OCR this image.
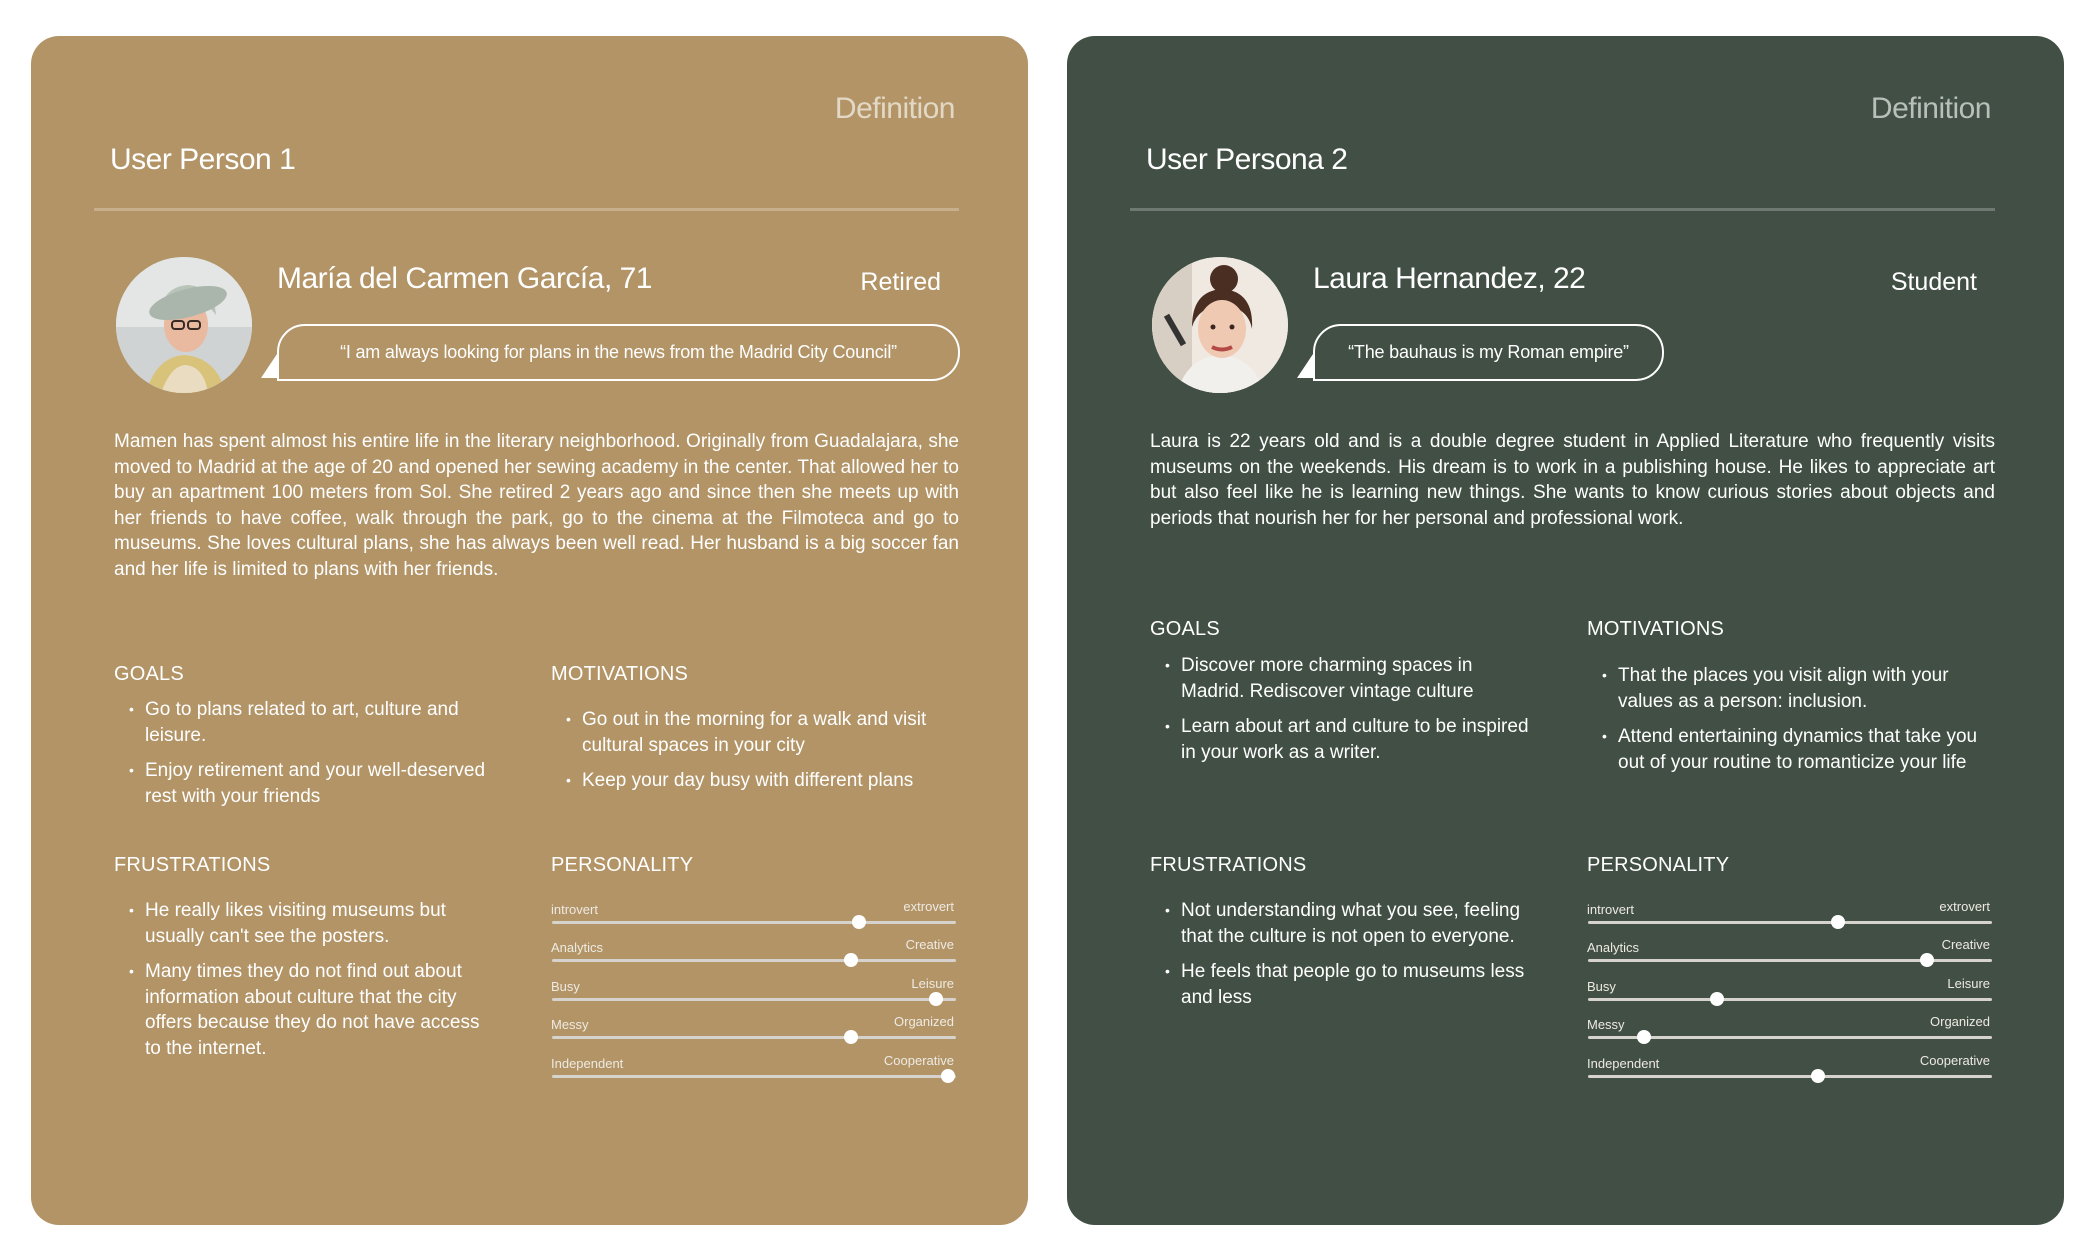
Definition
User Person 1
María del Carmen García, 71	Retired
“I am always looking for plans in the news from the Madrid City Council”
Mamen has spent almost his entire life in the literary neighborhood. Originally from Guadalajara, she moved to Madrid at the age of 20 and opened her sewing academy in the center. That allowed her to buy an apartment 100 meters from Sol. She retired 2 years ago and since then she meets up with her friends to have coffee, walk through the park, go to the cinema at the Filmoteca and go to museums. She loves cultural plans, she has always been well read. Her husband is a big soccer fan and her life is limited to plans with her friends.
GOALS
• Go to plans related to art, culture and leisure.
• Enjoy retirement and your well-deserved rest with your friends
MOTIVATIONS
• Go out in the morning for a walk and visit cultural spaces in your city
• Keep your day busy with different plans
FRUSTRATIONS
• He really likes visiting museums but usually can't see the posters.
• Many times they do not find out about information about culture that the city offers because they do not have access to the internet.
PERSONALITY
introvert	extrovert
Analytics	Creative
Busy	Leisure
Messy	Organized
Independent	Cooperative
Definition
User Persona 2
Laura Hernandez, 22	Student
“The bauhaus is my Roman empire”
Laura is 22 years old and is a double degree student in Applied Literature who frequently visits museums on the weekends. His dream is to work in a publishing house. He likes to appreciate art but also feel like he is learning new things. She wants to know curious stories about objects and periods that nourish her for her personal and professional work.
GOALS
• Discover more charming spaces in Madrid. Rediscover vintage culture
• Learn about art and culture to be inspired in your work as a writer.
MOTIVATIONS
• That the places you visit align with your values as a person: inclusion.
• Attend entertaining dynamics that take you out of your routine to romanticize your life
FRUSTRATIONS
• Not understanding what you see, feeling that the culture is not open to everyone.
• He feels that people go to museums less and less
PERSONALITY
introvert	extrovert
Analytics	Creative
Busy	Leisure
Messy	Organized
Independent	Cooperative
